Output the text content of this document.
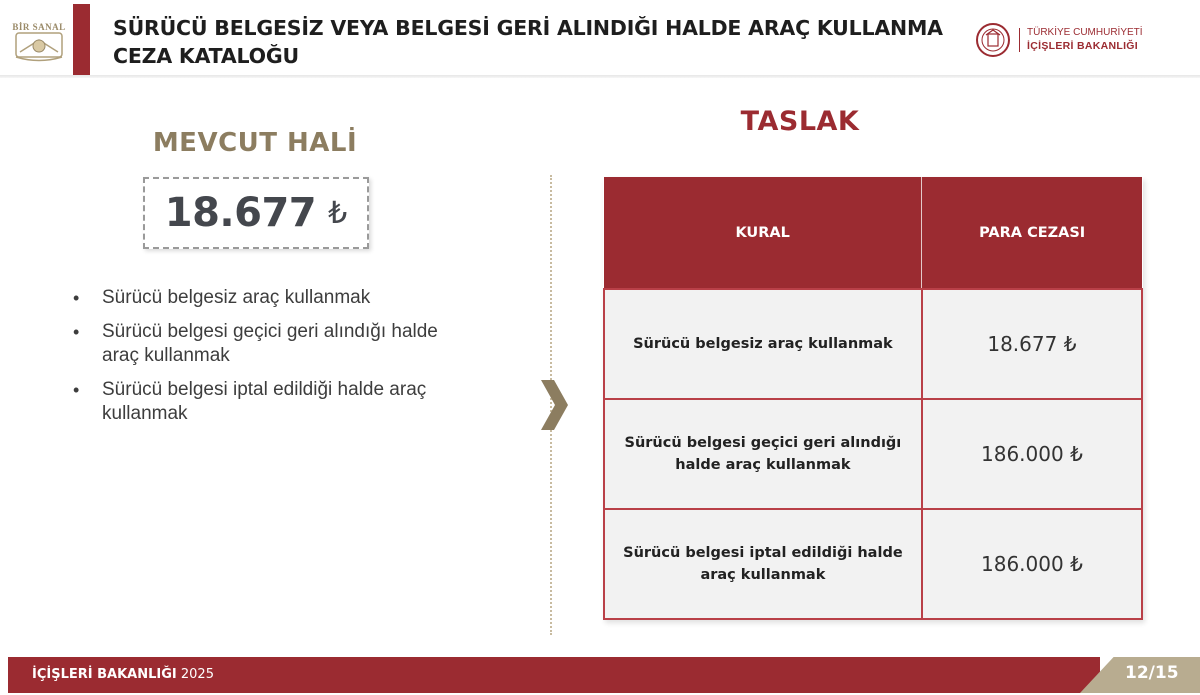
BİR SANAL SÜRÜCÜ BELGESİZ VEYA BELGESİ GERİ ALINDIĞI HALDE ARAÇ KULLANMA
CEZA KATALOĞU
TÜRKİYE CUMHURİYETİ
İÇİŞLERİ BAKANLIĞI
MEVCUT HALİ
18.677 ₺
• Sürücü belgesiz araç kullanmak
• Sürücü belgesi geçici geri alındığı halde araç kullanmak
• Sürücü belgesi iptal edildiği halde araç kullanmak
TASLAK
KURAL	PARA CEZASI

Sürücü belgesiz araç kullanmak	18.677 ₺

Sürücü belgesi geçici geri alındığı halde araç kullanmak	186.000 ₺

Sürücü belgesi iptal edildiği halde araç kullanmak	186.000 ₺
İÇİŞLERİ BAKANLIĞI 2025	12/15
